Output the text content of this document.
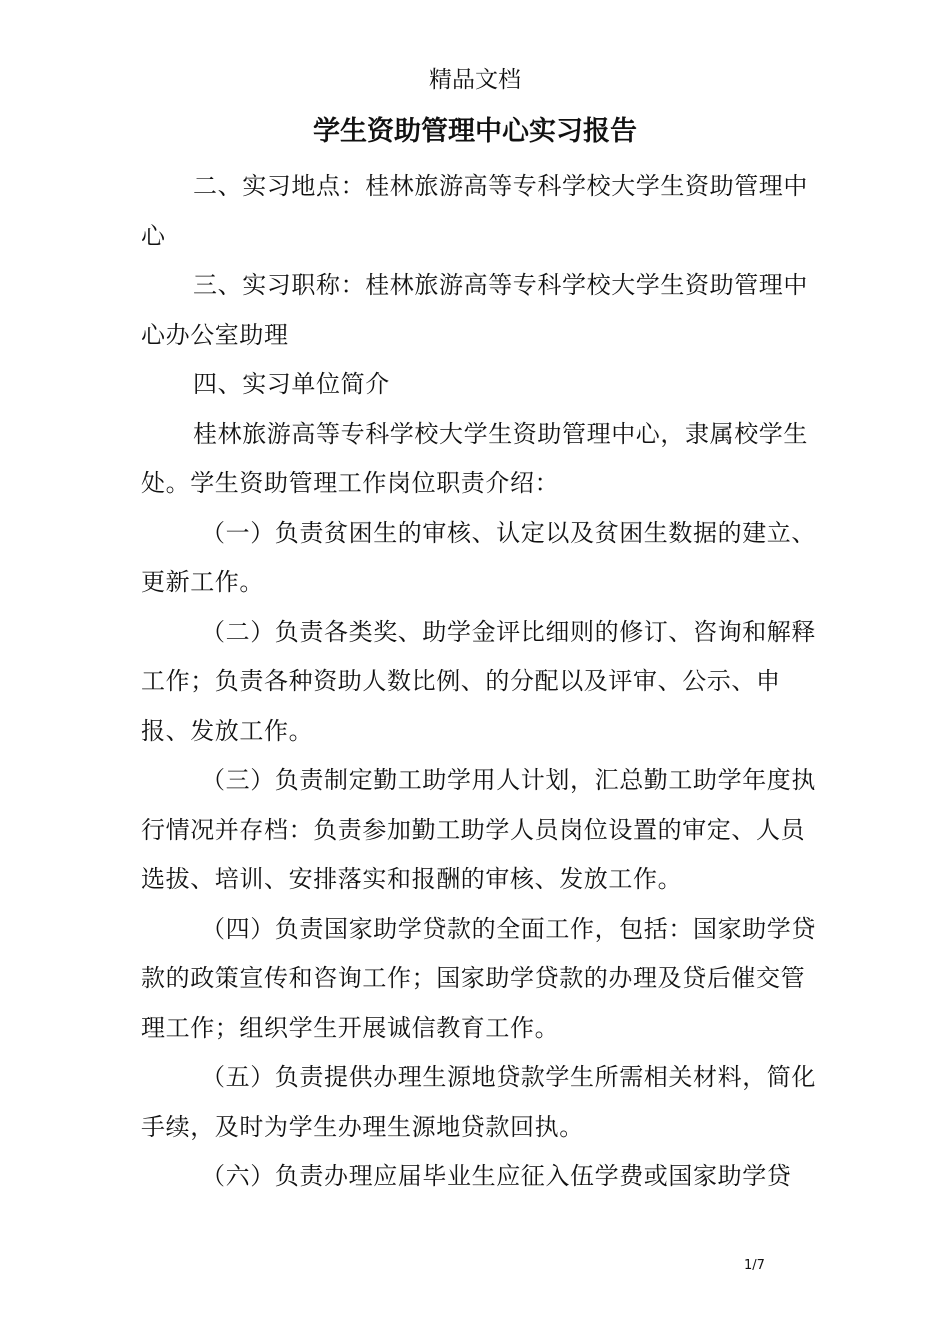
精品文档
学生资助管理中心实习报告

二、实习地点：桂林旅游高等专科学校大学生资助管理中心

三、实习职称：桂林旅游高等专科学校大学生资助管理中心办公室助理

四、实习单位简介

桂林旅游高等专科学校大学生资助管理中心，隶属校学生处。学生资助管理工作岗位职责介绍：

（一）负责贫困生的审核、认定以及贫困生数据的建立、更新工作。

（二）负责各类奖、助学金评比细则的修订、咨询和解释工作；负责各种资助人数比例、的分配以及评审、公示、申报、发放工作。

（三）负责制定勤工助学用人计划，汇总勤工助学年度执行情况并存档：负责参加勤工助学人员岗位设置的审定、人员选拔、培训、安排落实和报酬的审核、发放工作。

（四）负责国家助学贷款的全面工作，包括：国家助学贷款的政策宣传和咨询工作；国家助学贷款的办理及贷后催交管理工作；组织学生开展诚信教育工作。

（五）负责提供办理生源地贷款学生所需相关材料，简化手续，及时为学生办理生源地贷款回执。

（六）负责办理应届毕业生应征入伍学费或国家助学贷

1/7
